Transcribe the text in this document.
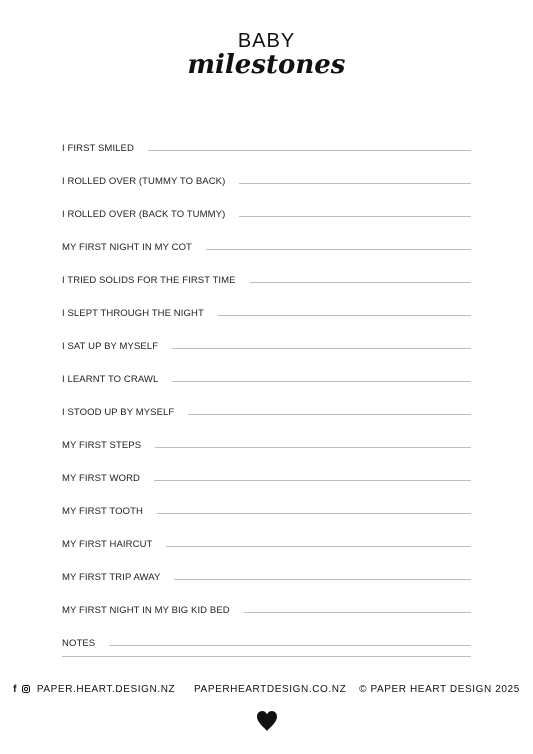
BABY
milestones
I FIRST SMILED
I ROLLED OVER (TUMMY TO BACK)
I ROLLED OVER (BACK TO TUMMY)
MY FIRST NIGHT IN MY COT
I TRIED SOLIDS FOR THE FIRST TIME
I SLEPT THROUGH THE NIGHT
I SAT UP BY MYSELF
I LEARNT TO CRAWL
I STOOD UP BY MYSELF
MY FIRST STEPS
MY FIRST WORD
MY FIRST TOOTH
MY FIRST HAIRCUT
MY FIRST TRIP AWAY
MY FIRST NIGHT IN MY BIG KID BED
NOTES
f PAPER.HEART.DESIGN.NZ PAPERHEARTDESIGN.CO.NZ © PAPER HEART DESIGN 2025
